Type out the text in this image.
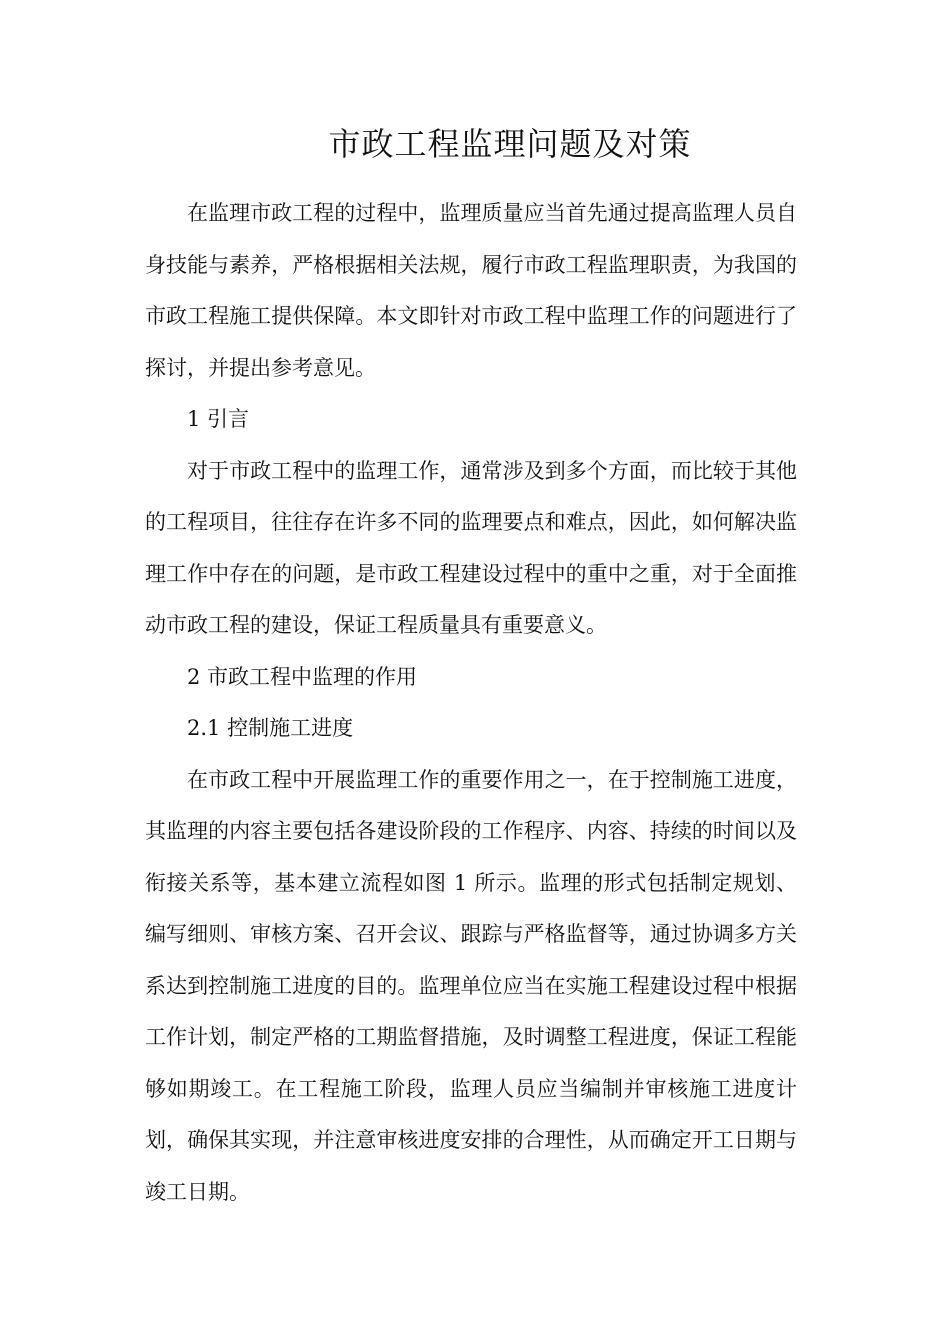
市政工程监理问题及对策

在监理市政工程的过程中，监理质量应当首先通过提高监理人员自身技能与素养，严格根据相关法规，履行市政工程监理职责，为我国的市政工程施工提供保障。本文即针对市政工程中监理工作的问题进行了探讨，并提出参考意见。

1 引言

对于市政工程中的监理工作，通常涉及到多个方面，而比较于其他的工程项目，往往存在许多不同的监理要点和难点，因此，如何解决监理工作中存在的问题，是市政工程建设过程中的重中之重，对于全面推动市政工程的建设，保证工程质量具有重要意义。

2 市政工程中监理的作用

2.1 控制施工进度

在市政工程中开展监理工作的重要作用之一，在于控制施工进度，其监理的内容主要包括各建设阶段的工作程序、内容、持续的时间以及衔接关系等，基本建立流程如图 1 所示。监理的形式包括制定规划、编写细则、审核方案、召开会议、跟踪与严格监督等，通过协调多方关系达到控制施工进度的目的。监理单位应当在实施工程建设过程中根据工作计划，制定严格的工期监督措施，及时调整工程进度，保证工程能够如期竣工。在工程施工阶段，监理人员应当编制并审核施工进度计划，确保其实现，并注意审核进度安排的合理性，从而确定开工日期与竣工日期。
